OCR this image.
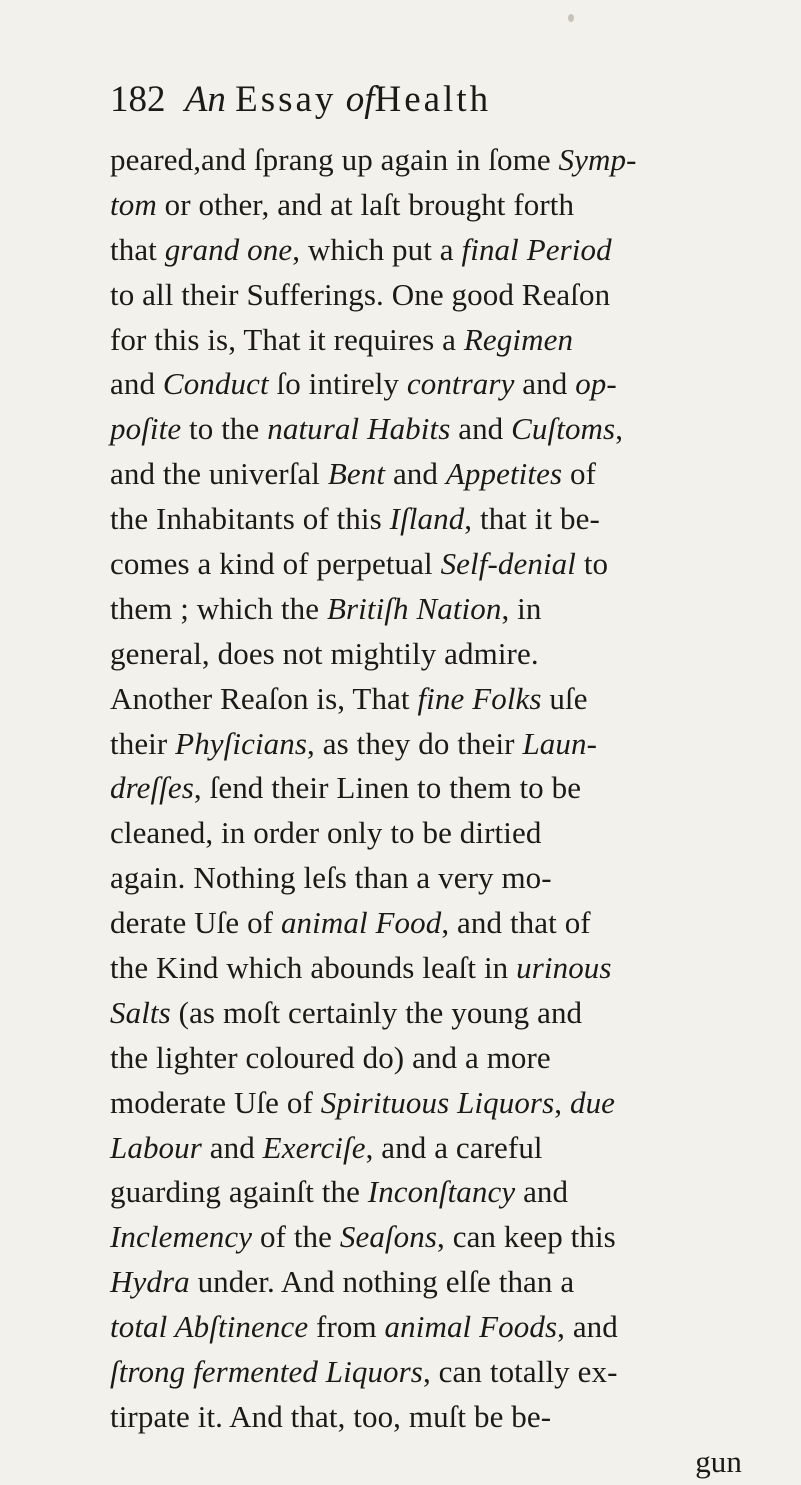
182 An Essay ofHealth
peared,and ſprang up again in ſome Symp-
tom or other, and at laſt brought forth
that grand one, which put a final Period
to all their Sufferings. One good Reaſon
for this is, That it requires a Regimen
and Conduct ſo intirely contrary and op-
poſite to the natural Habits and Cuſtoms,
and the univerſal Bent and Appetites of
the Inhabitants of this Iſland, that it be-
comes a kind of perpetual Self-denial to
them ; which the Britiſh Nation, in
general, does not mightily admire.
Another Reaſon is, That fine Folks uſe
their Phyſicians, as they do their Laun-
dreſſes, ſend their Linen to them to be
cleaned, in order only to be dirtied
again. Nothing leſs than a very mo-
derate Uſe of animal Food, and that of
the Kind which abounds leaſt in urinous
Salts (as moſt certainly the young and
the lighter coloured do) and a more
moderate Uſe of Spirituous Liquors, due
Labour and Exerciſe, and a careful
guarding againſt the Inconſtancy and
Inclemency of the Seaſons, can keep this
Hydra under. And nothing elſe than a
total Abſtinence from animal Foods, and
ſtrong fermented Liquors, can totally ex-
tirpate it. And that, too, muſt be be-
gun
